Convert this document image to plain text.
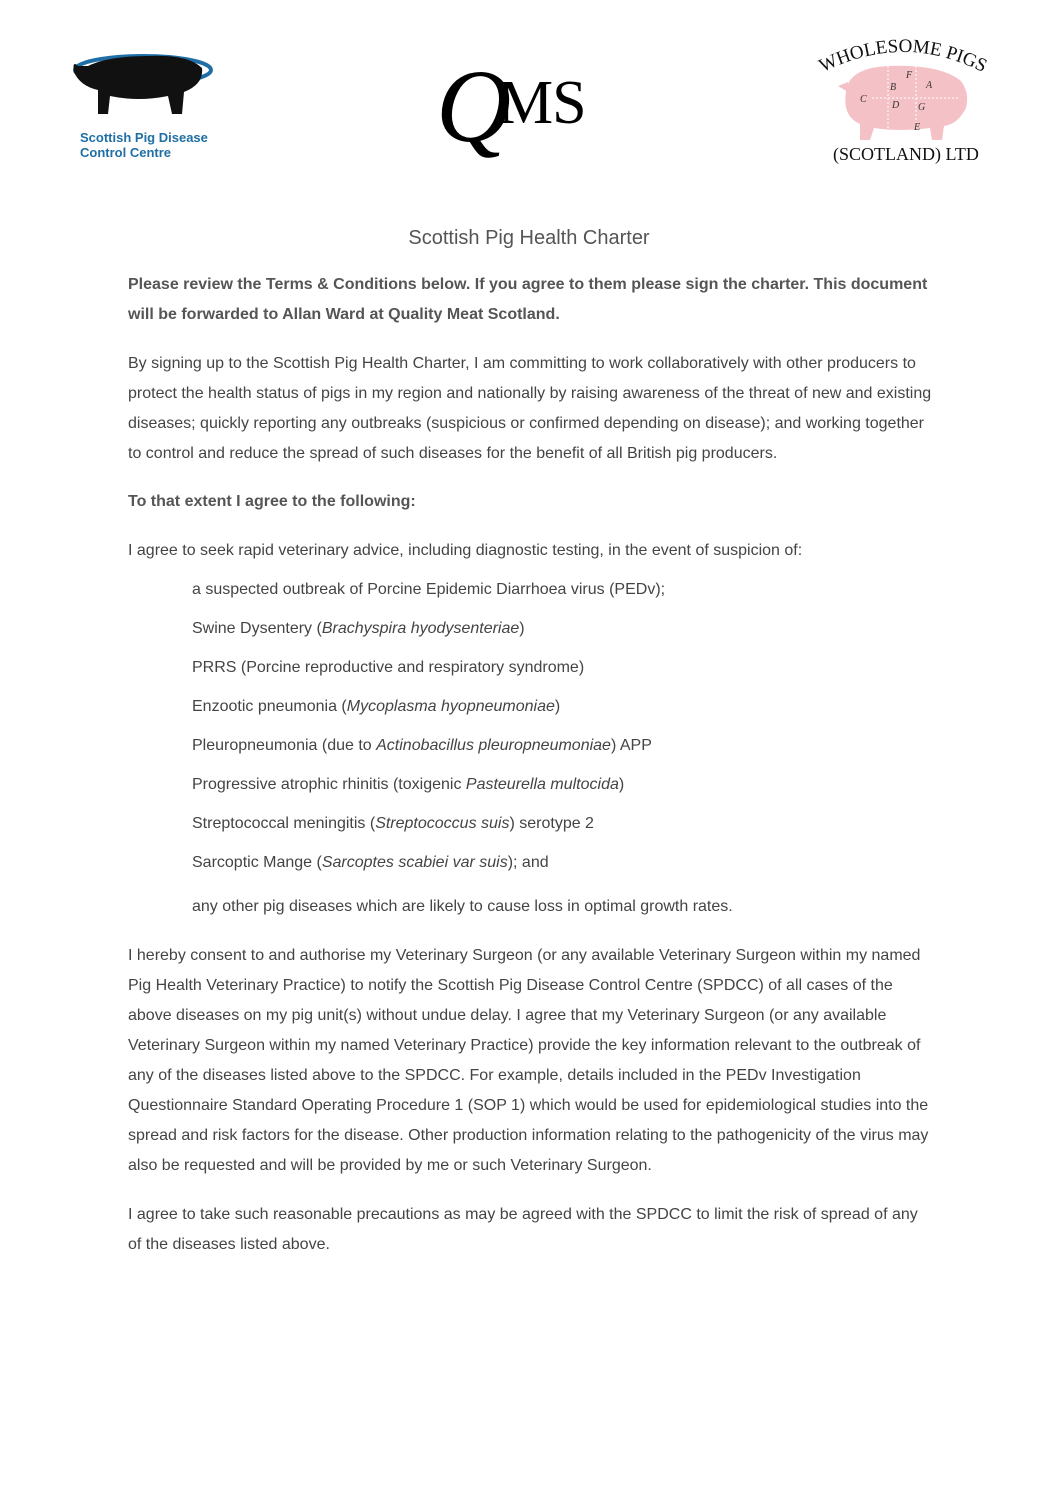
Scottish Pig Disease
Control Centre	Q
MS
WHOLESOME PIGS
A
B
C
D
E
F
G
(SCOTLAND) LTD
Scottish Pig Health Charter

Please review the Terms & Conditions below. If you agree to them please sign the charter. This document will be forwarded to Allan Ward at Quality Meat Scotland.

By signing up to the Scottish Pig Health Charter, I am committing to work collaboratively with other producers to protect the health status of pigs in my region and nationally by raising awareness of the threat of new and existing diseases; quickly reporting any outbreaks (suspicious or confirmed depending on disease); and working together to control and reduce the spread of such diseases for the benefit of all British pig producers.

To that extent I agree to the following:

I agree to seek rapid veterinary advice, including diagnostic testing, in the event of suspicion of:

a suspected outbreak of Porcine Epidemic Diarrhoea virus (PEDv);
Swine Dysentery (Brachyspira hyodysenteriae)
PRRS (Porcine reproductive and respiratory syndrome)
Enzootic pneumonia (Mycoplasma hyopneumoniae)
Pleuropneumonia (due to Actinobacillus pleuropneumoniae) APP
Progressive atrophic rhinitis (toxigenic Pasteurella multocida)
Streptococcal meningitis (Streptococcus suis) serotype 2
Sarcoptic Mange (Sarcoptes scabiei var suis); and

any other pig diseases which are likely to cause loss in optimal growth rates.

I hereby consent to and authorise my Veterinary Surgeon (or any available Veterinary Surgeon within my named Pig Health Veterinary Practice) to notify the Scottish Pig Disease Control Centre (SPDCC) of all cases of the above diseases on my pig unit(s) without undue delay. I agree that my Veterinary Surgeon (or any available Veterinary Surgeon within my named Veterinary Practice) provide the key information relevant to the outbreak of any of the diseases listed above to the SPDCC. For example, details included in the PEDv Investigation Questionnaire Standard Operating Procedure 1 (SOP 1) which would be used for epidemiological studies into the spread and risk factors for the disease. Other production information relating to the pathogenicity of the virus may also be requested and will be provided by me or such Veterinary Surgeon.

I agree to take such reasonable precautions as may be agreed with the SPDCC to limit the risk of spread of any of the diseases listed above.
